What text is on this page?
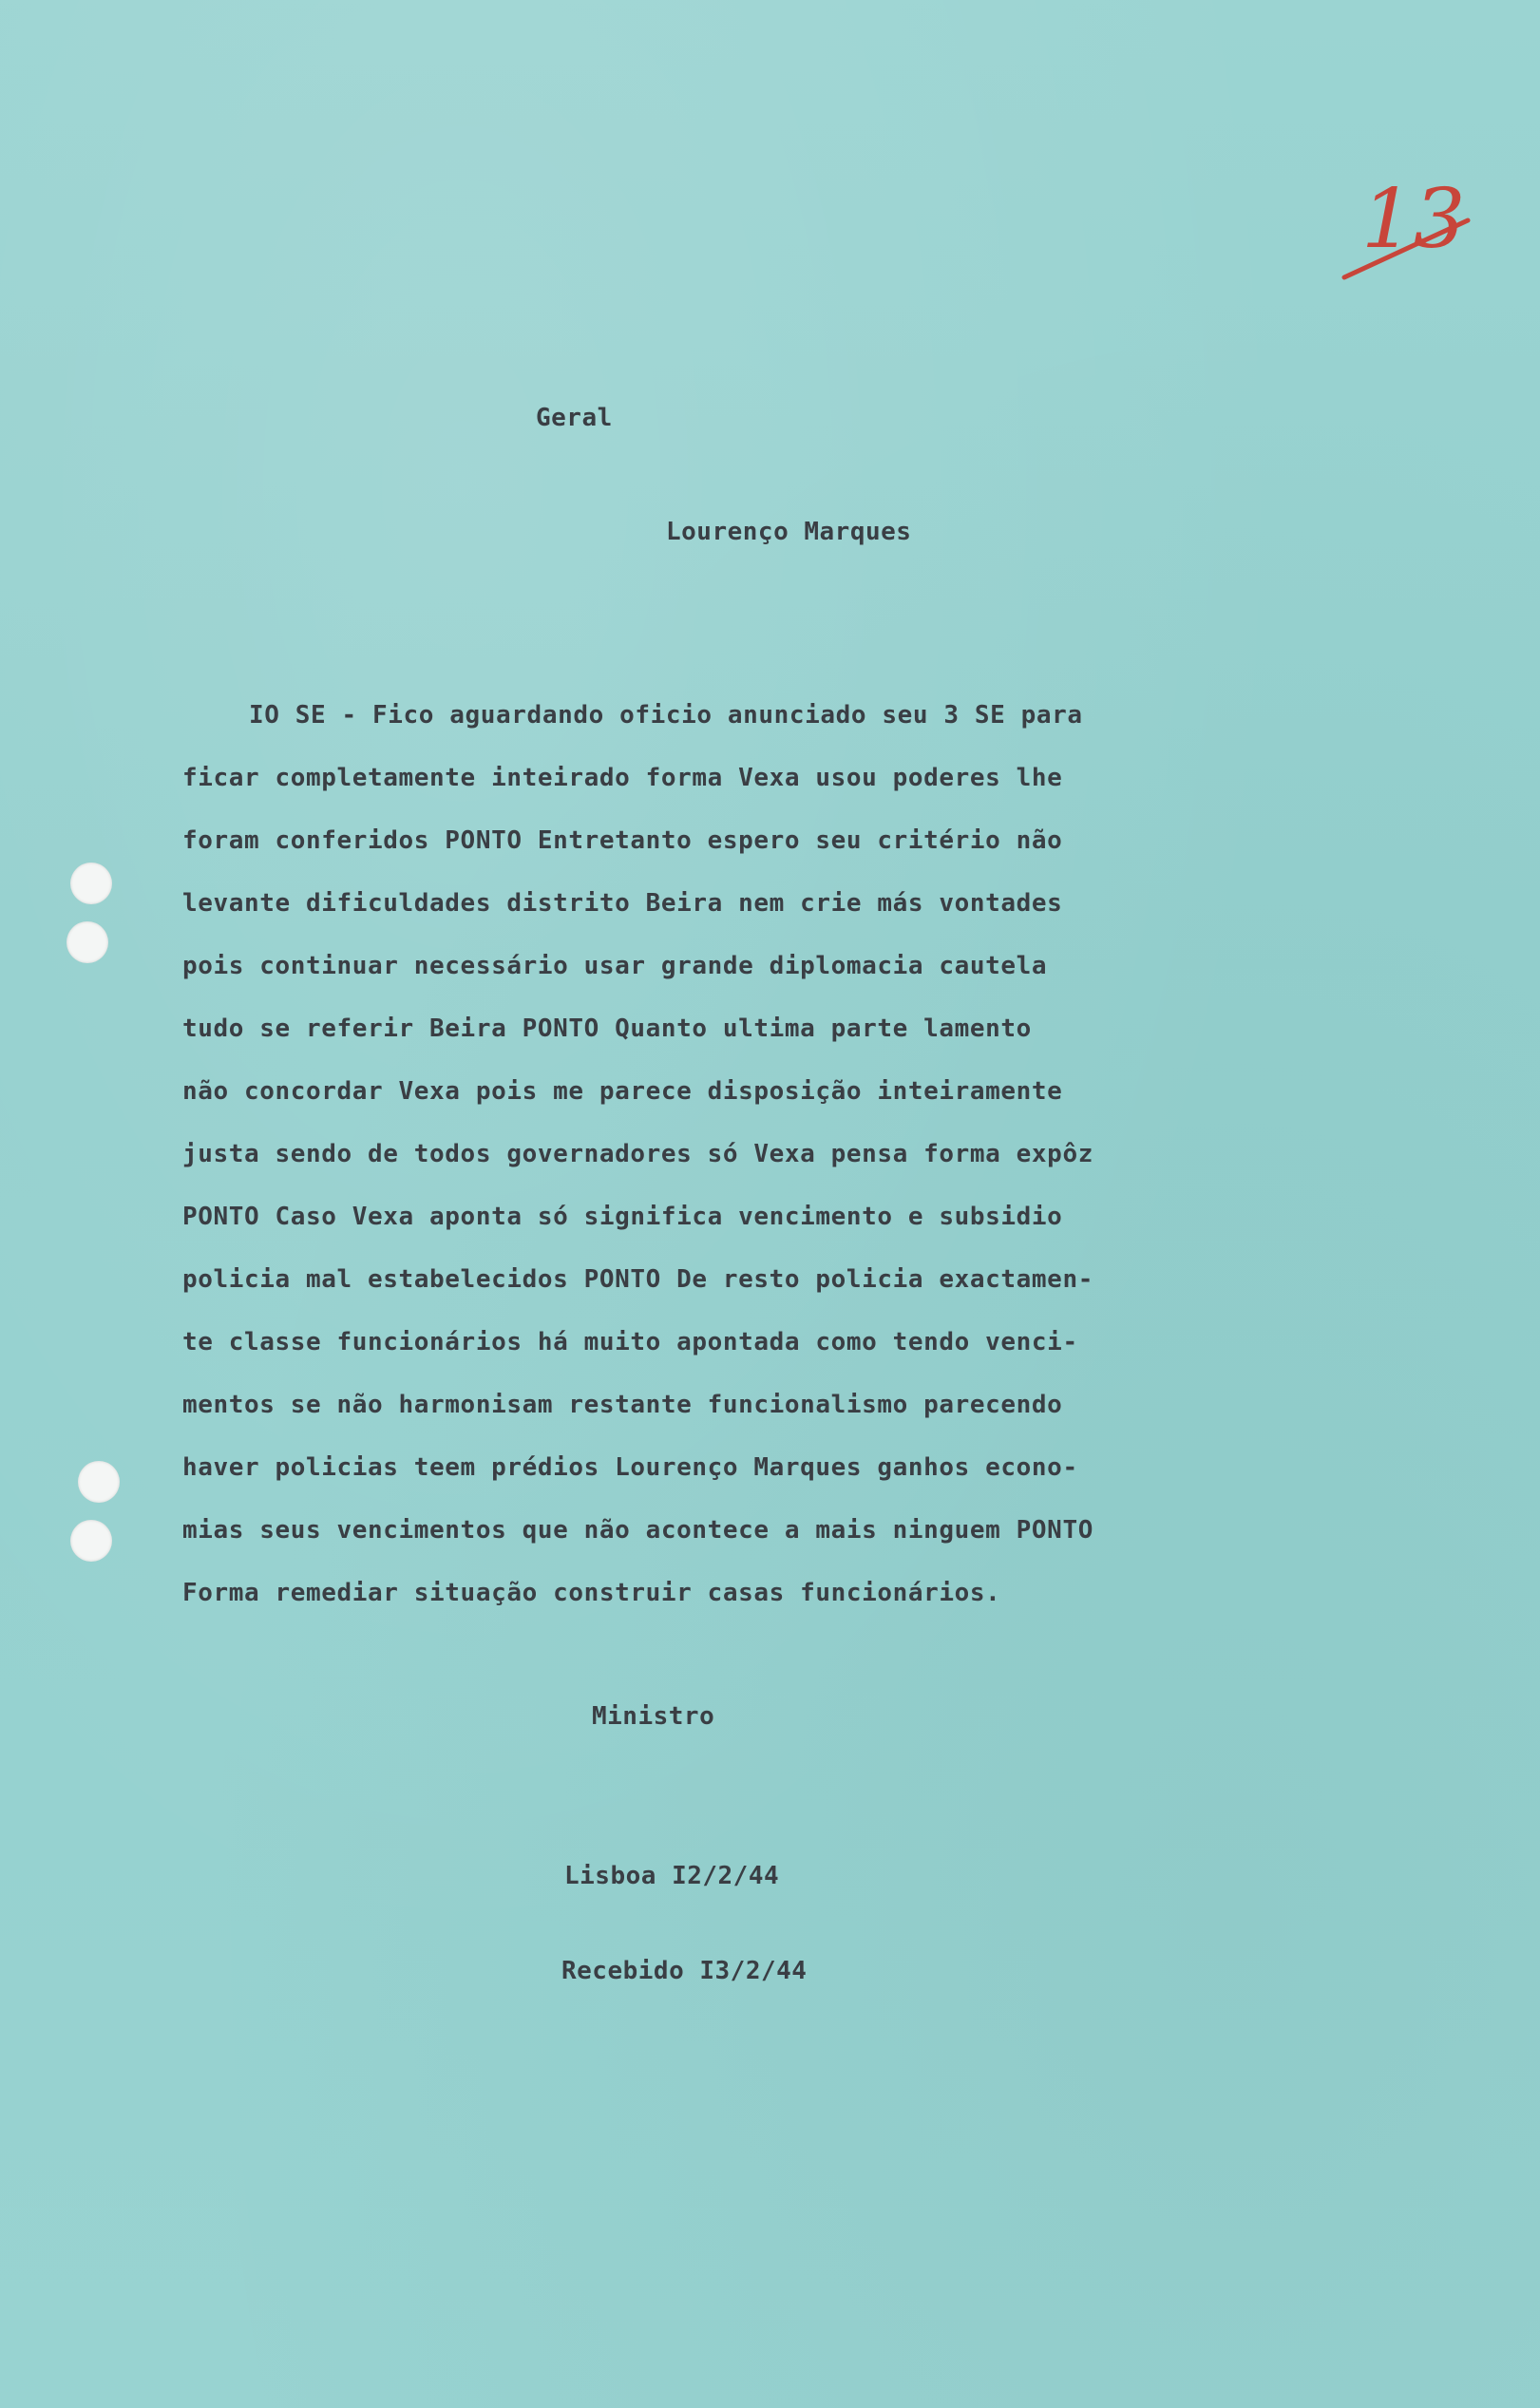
13
Geral
Lourenço Marques
IO SE - Fico aguardando oficio anunciado seu 3 SE para
ficar completamente inteirado forma Vexa usou poderes lhe
foram conferidos PONTO Entretanto espero seu critério não
levante dificuldades distrito Beira nem crie más vontades
pois continuar necessário usar grande diplomacia cautela
tudo se referir Beira PONTO Quanto ultima parte lamento
não concordar Vexa pois me parece disposição inteiramente
justa sendo de todos governadores só Vexa pensa forma expôz
PONTO Caso Vexa aponta só significa vencimento e subsidio
policia mal estabelecidos PONTO De resto policia exactamen-
te classe funcionários há muito apontada como tendo venci-
mentos se não harmonisam restante funcionalismo parecendo
haver policias teem prédios Lourenço Marques ganhos econo-
mias seus vencimentos que não acontece a mais ninguem PONTO
Forma remediar situação construir casas funcionários.
Ministro
Lisboa I2/2/44
Recebido I3/2/44
